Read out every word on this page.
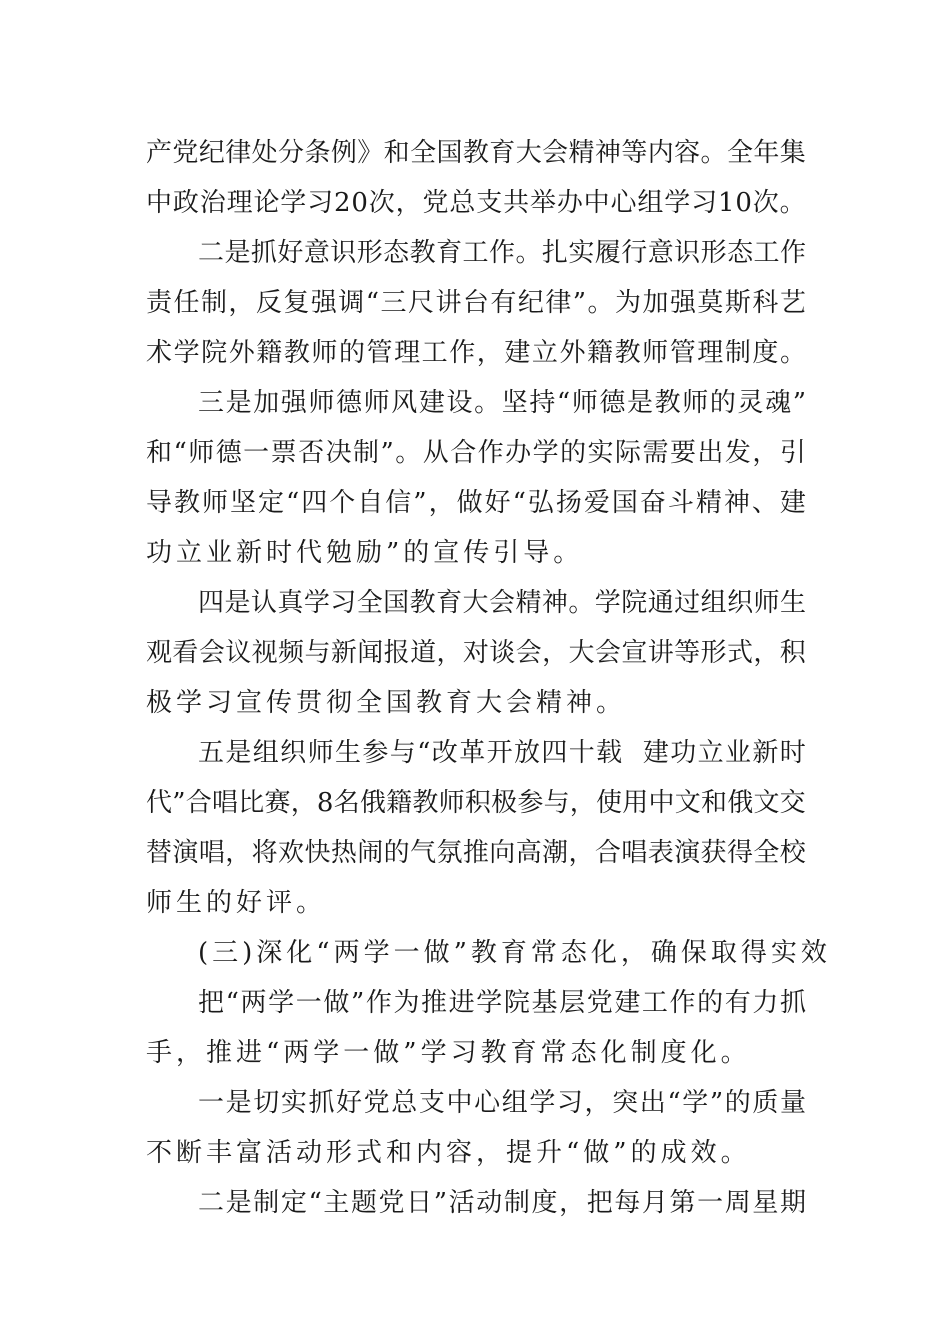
产 党 纪 律 处 分 条 例 》 和 全 国 教 育 大 会 精 神 等 内 容 。 全 年 集
中 政 治 理 论 学 习 2 0 次 ， 党 总 支 共 举 办 中 心 组 学 习 1 0 次 。
二 是 抓 好 意 识 形 态 教 育 工 作 。 扎 实 履 行 意 识 形 态 工 作
责 任 制 ， 反 复 强 调 “ 三 尺 讲 台 有 纪 律 ” 。 为 加 强 莫 斯 科 艺
术 学 院 外 籍 教 师 的 管 理 工 作 ， 建 立 外 籍 教 师 管 理 制 度 。
三 是 加 强 师 德 师 风 建 设 。 坚 持 “ 师 德 是 教 师 的 灵 魂 ”
和 “ 师 德 一 票 否 决 制 ” 。 从 合 作 办 学 的 实 际 需 要 出 发 ， 引
导 教 师 坚 定 “ 四 个 自 信 ” ， 做 好 “ 弘 扬 爱 国 奋 斗 精 神 、 建
功立业新时代勉励”的宣传引导。
四 是 认 真 学 习 全 国 教 育 大 会 精 神 。 学 院 通 过 组 织 师 生
观 看 会 议 视 频 与 新 闻 报 道 ， 对 谈 会 ， 大 会 宣 讲 等 形 式 ， 积
极学习宣传贯彻全国教育大会精神。
五 是 组 织 师 生 参 与 “ 改 革 开 放 四 十 载

建 功 立 业 新 时
代 ” 合 唱 比 赛 ， 8 名 俄 籍 教 师 积 极 参 与 ， 使 用 中 文 和 俄 文 交
替 演 唱 ， 将 欢 快 热 闹 的 气 氛 推 向 高 潮 ， 合 唱 表 演 获 得 全 校
师生的好评。
(三)深化“两学一做”教育常态化，确保取得实效
把 “ 两 学 一 做 ” 作 为 推 进 学 院 基 层 党 建 工 作 的 有 力 抓
手，推进“两学一做”学习教育常态化制度化。
一 是 切 实 抓 好 党 总 支 中 心 组 学 习 ， 突 出 “ 学 ” 的 质 量
不断丰富活动形式和内容，提升“做”的成效。
二 是 制 定 “ 主 题 党 日 ” 活 动 制 度 ， 把 每 月 第 一 周 星 期
